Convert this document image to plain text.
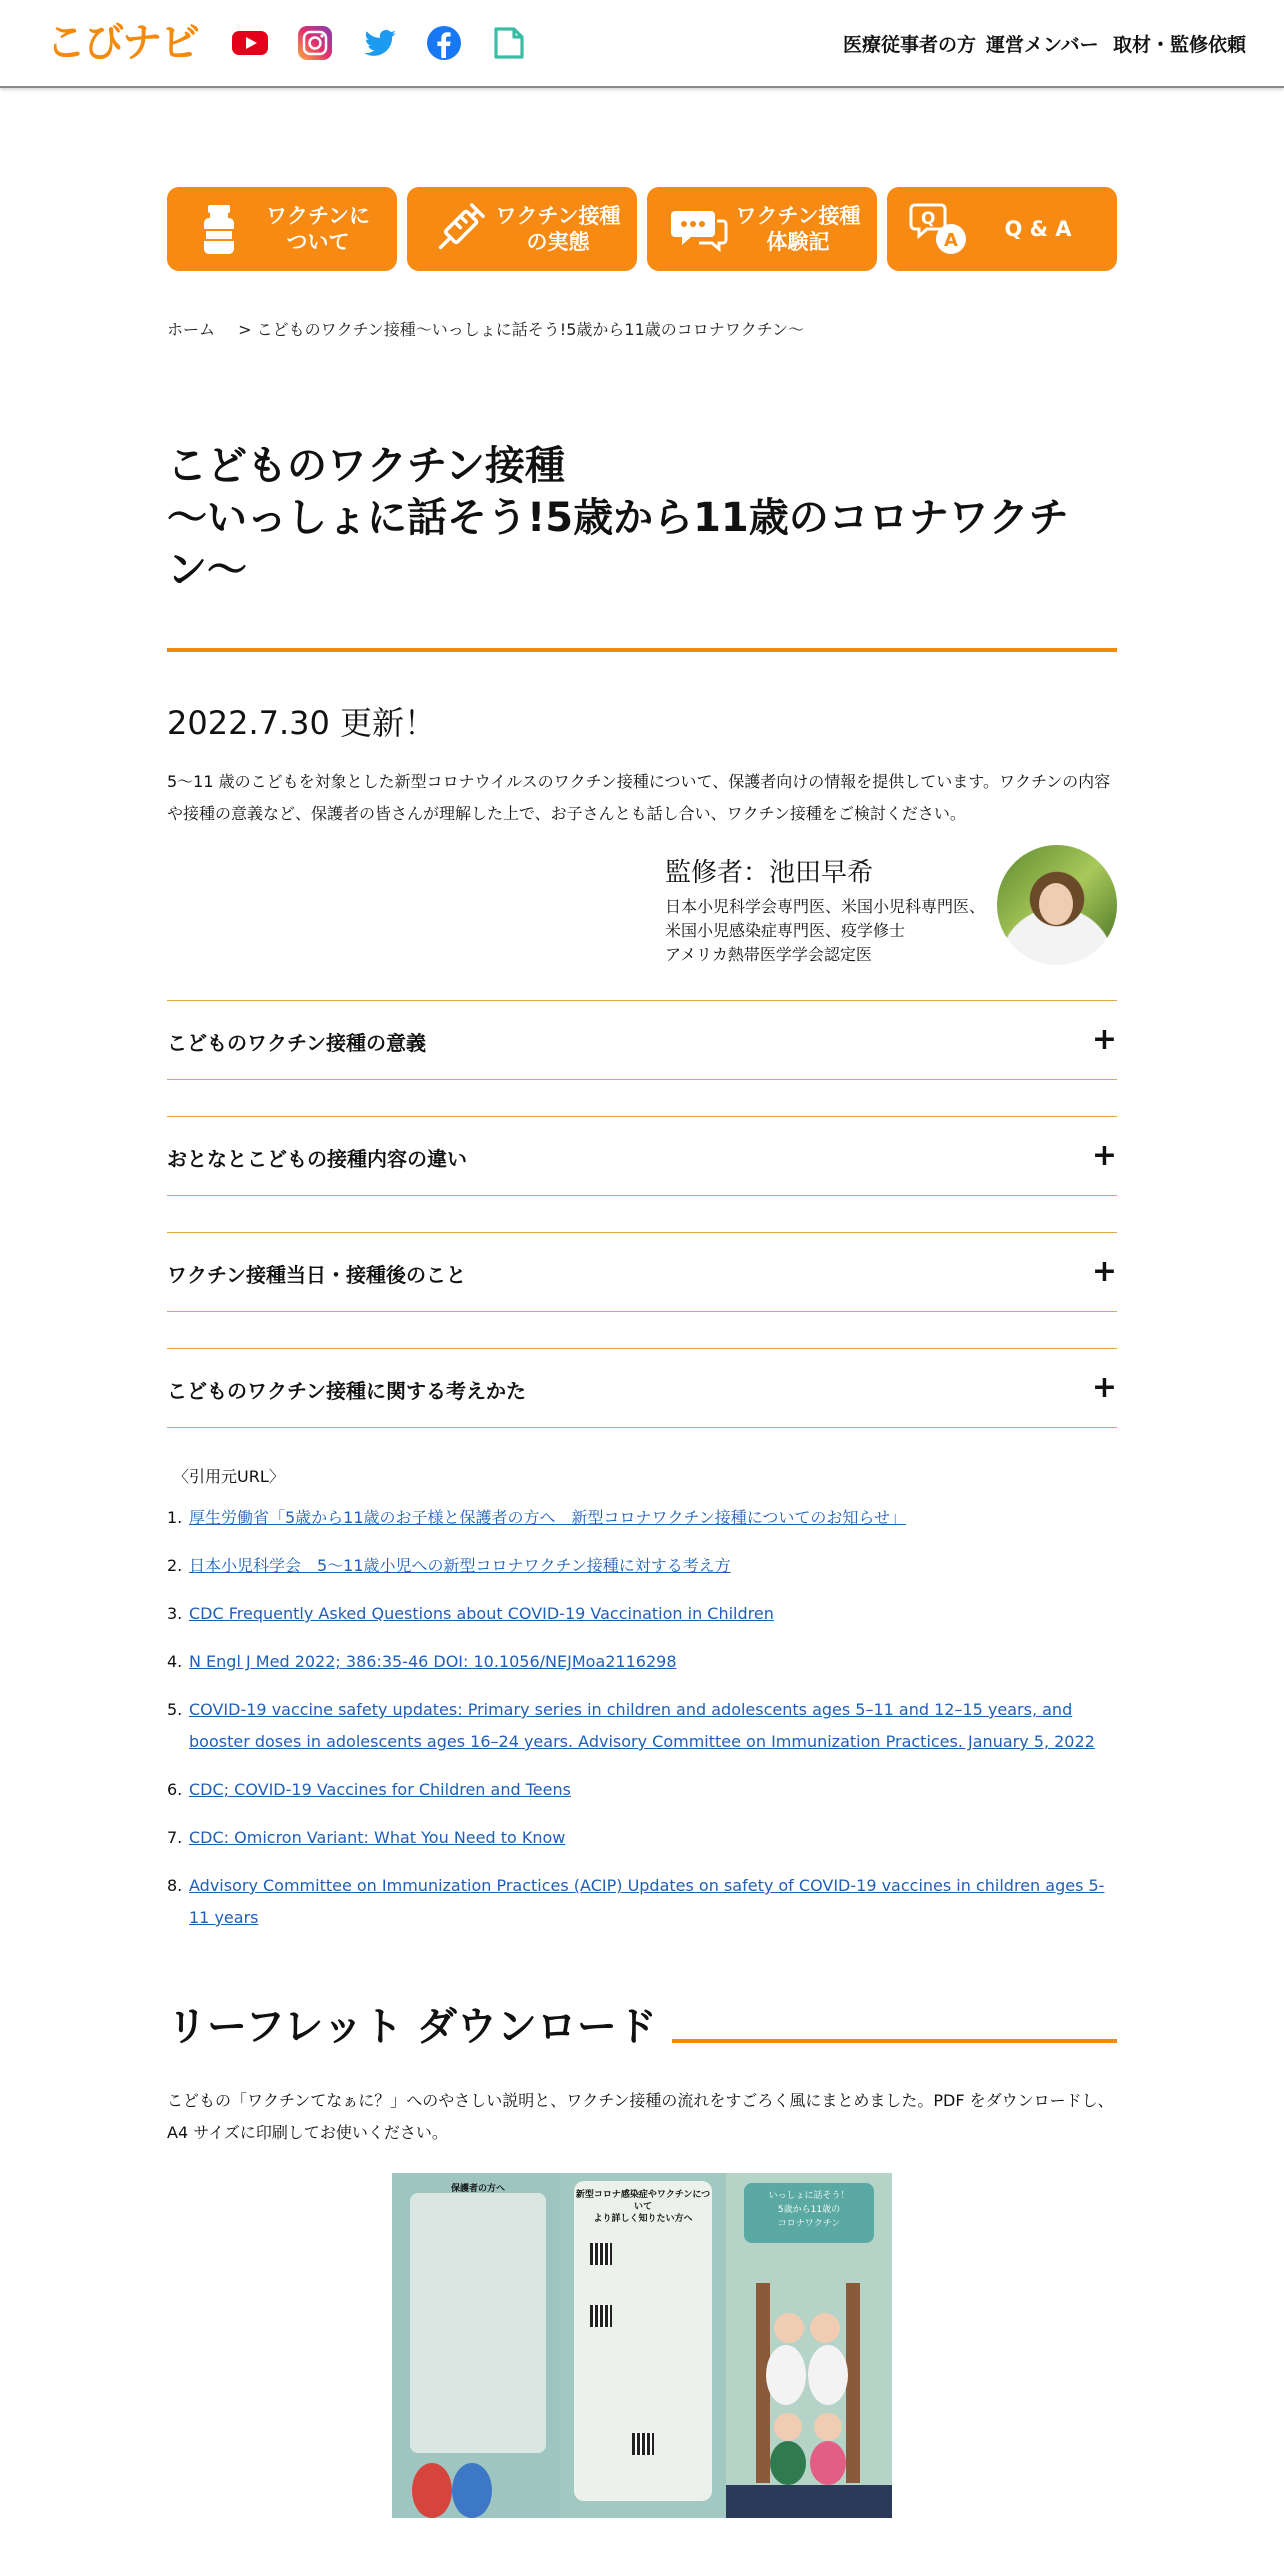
こびナビ	医療従事者の方 運営メンバー 取材・監修依頼
ワクチンに
ついて
ワクチン接種
の実態
ワクチン接種
体験記
Q
A	Q & A
ホーム > こどものワクチン接種〜いっしょに話そう!5歳から11歳のコロナワクチン〜
こどものワクチン接種
〜いっしょに話そう!5歳から11歳のコロナワクチン〜
2022.7.30 更新！

5〜11 歳のこどもを対象とした新型コロナウイルスのワクチン接種について、保護者向けの情報を提供しています。ワクチンの内容や接種の意義など、保護者の皆さんが理解した上で、お子さんとも話し合い、ワクチン接種をご検討ください。

監修者：池田早希
日本小児科学会専門医、米国小児科専門医、
米国小児感染症専門医、疫学修士
アメリカ熱帯医学学会認定医
こどものワクチン接種の意義	+
おとなとこどもの接種内容の違い	+
ワクチン接種当日・接種後のこと	+
こどものワクチン接種に関する考えかた	+
〈引用元URL〉
1. 厚生労働省「5歳から11歳のお子様と保護者の方へ　新型コロナワクチン接種についてのお知らせ」
2. 日本小児科学会　5〜11歳小児への新型コロナワクチン接種に対する考え方
3. CDC Frequently Asked Questions about COVID-19 Vaccination in Children
4. N Engl J Med 2022; 386:35-46 DOI: 10.1056/NEJMoa2116298
5. COVID-19 vaccine safety updates: Primary series in children and adolescents ages 5–11 and 12–15 years, and booster doses in adolescents ages 16–24 years. Advisory Committee on Immunization Practices. January 5, 2022
6. CDC; COVID-19 Vaccines for Children and Teens
7. CDC: Omicron Variant: What You Need to Know
8. Advisory Committee on Immunization Practices (ACIP) Updates on safety of COVID-19 vaccines in children ages 5-11 years
リーフレット ダウンロード

こどもの「ワクチンてなぁに？」へのやさしい説明と、ワクチン接種の流れをすごろく風にまとめました。PDF をダウンロードし、A4 サイズに印刷してお使いください。

保護者の方へ
新型コロナ感染症やワクチンについて
より詳しく知りたい方へ
いっしょに話そう！
5歳から11歳の
コロナワクチン
